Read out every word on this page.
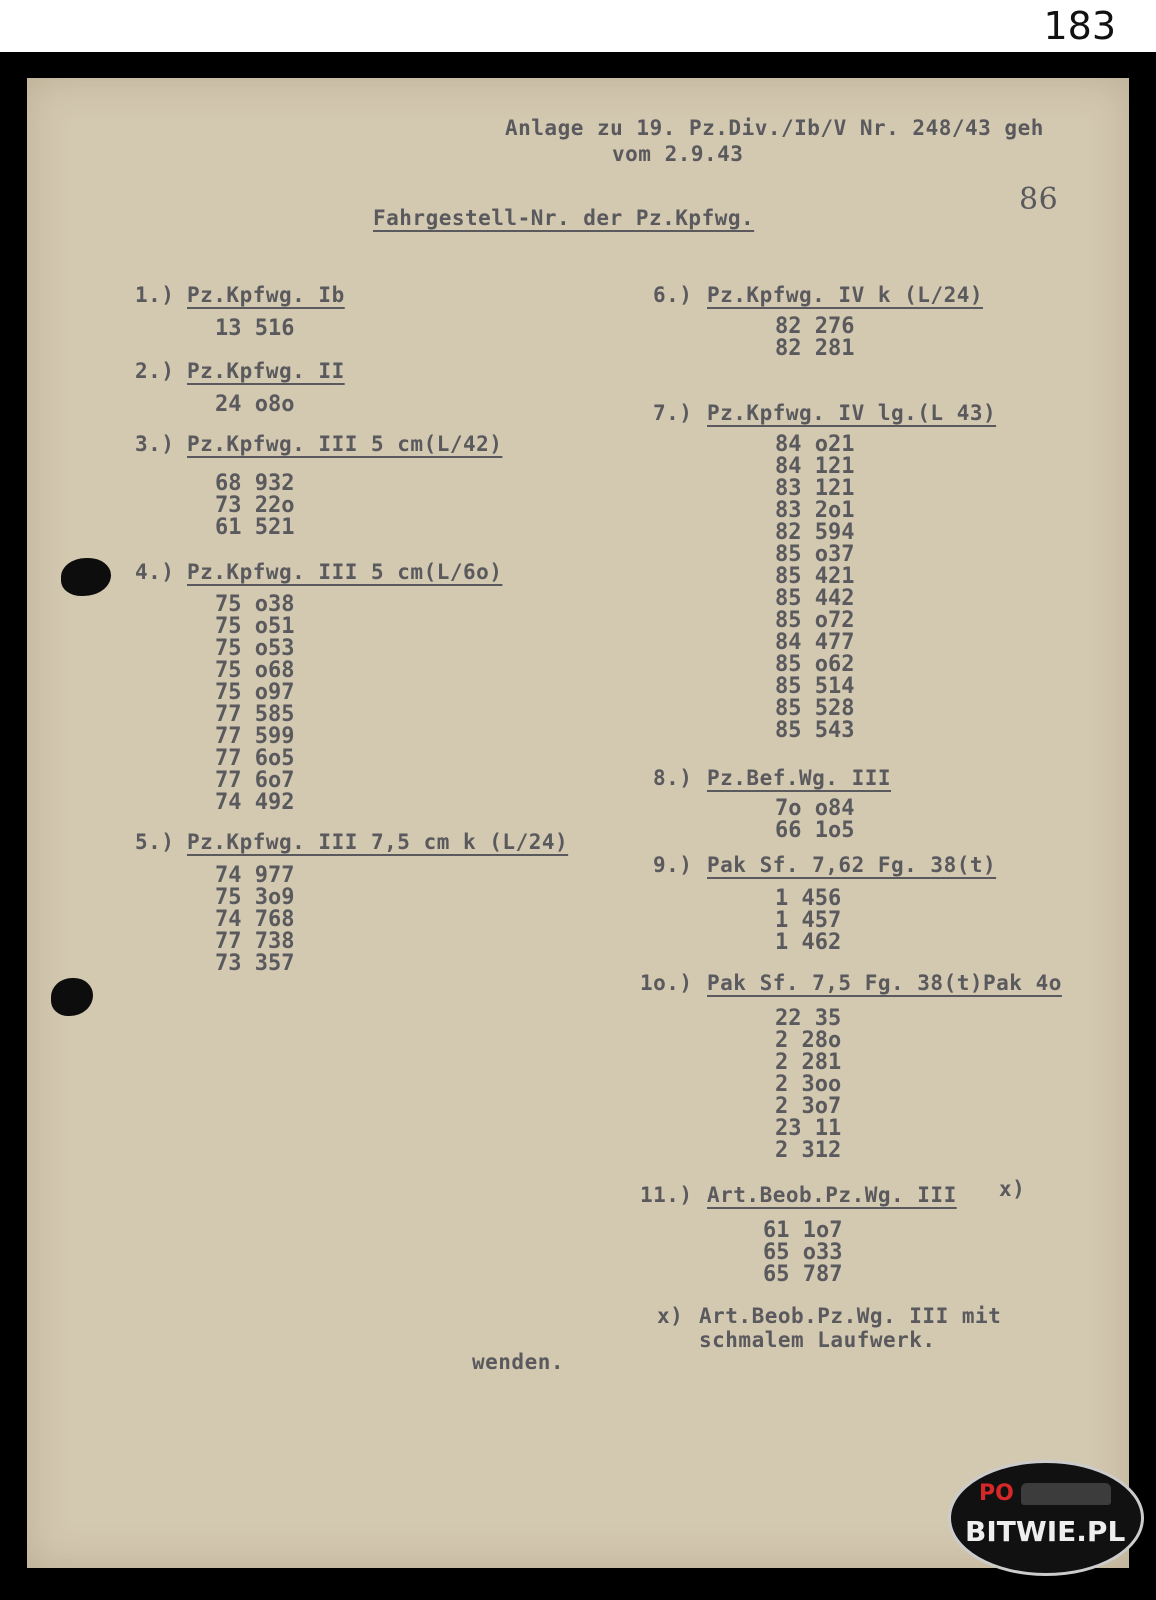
183
Anlage zu 19. Pz.Div./Ib/V Nr. 248/43 geh
vom 2.9.43
86
Fahrgestell-Nr. der Pz.Kpfwg.
x) Art.Beob.Pz.Wg. III mit
schmalem Laufwerk.
wenden.
1.) Pz.Kpfwg. Ib
13 516
2.) Pz.Kpfwg. II
24 o8o
3.) Pz.Kpfwg. III 5 cm(L/42)
68 932
73 22o
61 521
4.) Pz.Kpfwg. III 5 cm(L/6o)
75 o38
75 o51
75 o53
75 o68
75 o97
77 585
77 599
77 6o5
77 6o7
74 492
5.) Pz.Kpfwg. III 7,5 cm k (L/24)
74 977
75 3o9
74 768
77 738
73 357
6.) Pz.Kpfwg. IV k (L/24)
82 276
82 281
7.) Pz.Kpfwg. IV lg.(L 43)
84 o21
84 121
83 121
83 2o1
82 594
85 o37
85 421
85 442
85 o72
84 477
85 o62
85 514
85 528
85 543
8.) Pz.Bef.Wg. III
7o o84
66 1o5
9.) Pak Sf. 7,62 Fg. 38(t)
1 456
1 457
1 462
1o.) Pak Sf. 7,5 Fg. 38(t)Pak 4o
22 35
2 28o
2 281
2 3oo
2 3o7
23 11
2 312
11.) Art.Beob.Pz.Wg. III x)
61 1o7
65 o33
65 787
PO
BITWIE.PL
